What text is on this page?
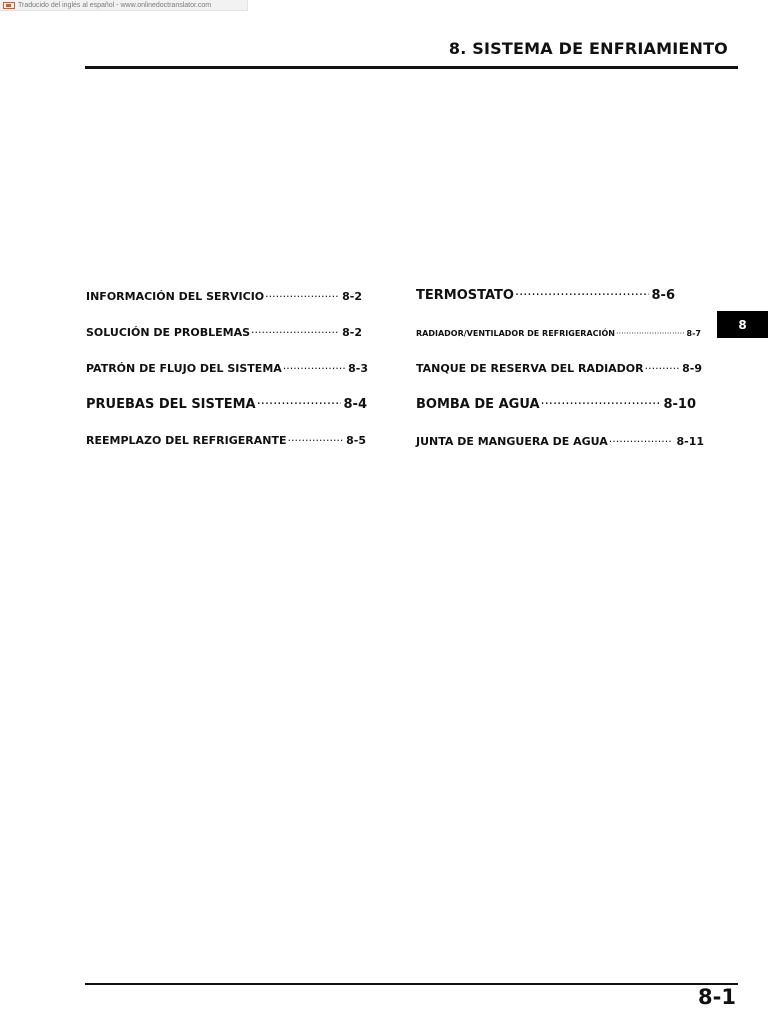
Traducido del inglés al español - www.onlinedoctranslator.com
8. SISTEMA DE ENFRIAMIENTO
8
INFORMACIÓN DEL SERVICIO ·····	8-2
SOLUCIÓN DE PROBLEMAS ·····	8-2
PATRÓN DE FLUJO DEL SISTEMA ·····	8-3
PRUEBAS DEL SISTEMA ·····	8-4
REEMPLAZO DEL REFRIGERANTE ·····	8-5
TERMOSTATO ·····	8-6
RADIADOR/VENTILADOR DE REFRIGERACIÓN ·····	8-7
TANQUE DE RESERVA DEL RADIADOR ·····	8-9
BOMBA DE AGUA ·····	8-10
JUNTA DE MANGUERA DE AGUA ·····	8-11
8-1
